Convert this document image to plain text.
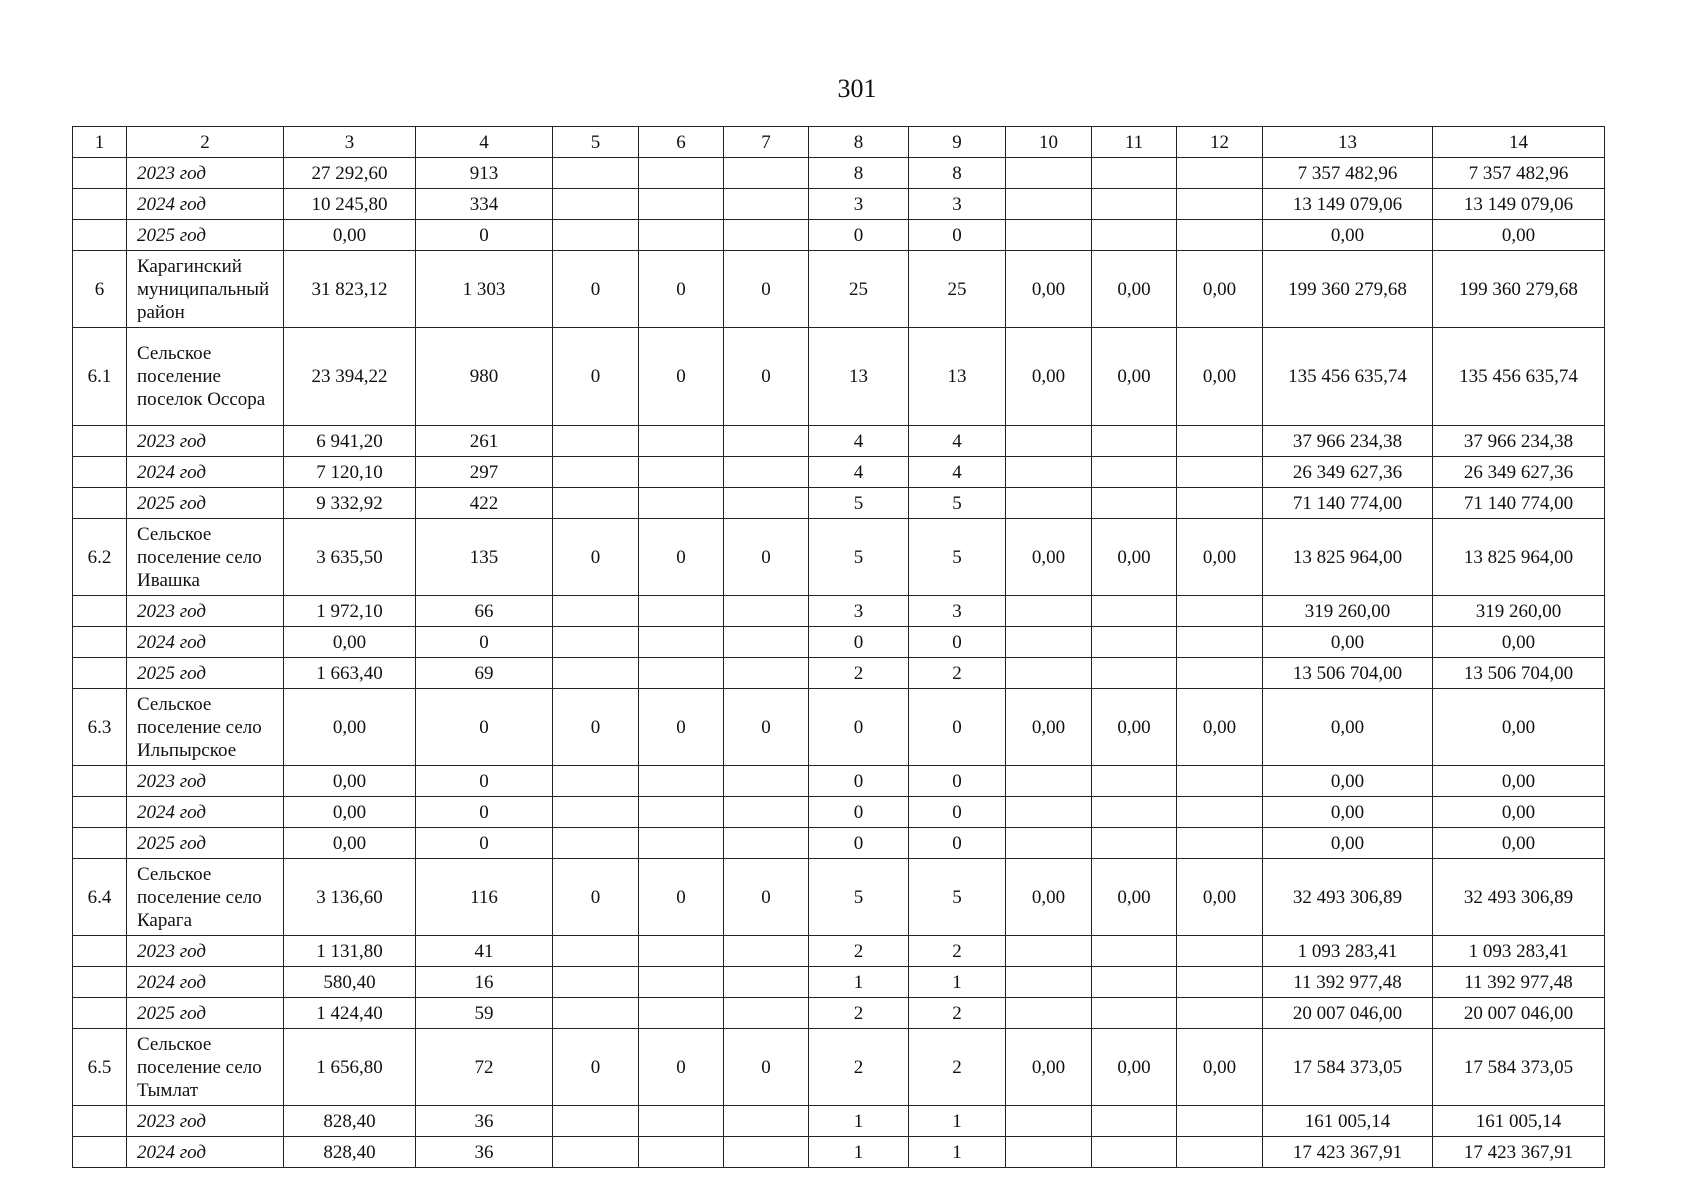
301
1	2	3	4	5	6	7	8	9	10	11	12	13	14
	2023 год	27 292,60	913				8	8				7 357 482,96	7 357 482,96
	2024 год	10 245,80	334				3	3				13 149 079,06	13 149 079,06
	2025 год	0,00	0				0	0				0,00	0,00
6	Карагинский муниципальный район	31 823,12	1 303	0	0	0	25	25	0,00	0,00	0,00	199 360 279,68	199 360 279,68
6.1	Сельское поселение поселок Оссора	23 394,22	980	0	0	0	13	13	0,00	0,00	0,00	135 456 635,74	135 456 635,74
	2023 год	6 941,20	261				4	4				37 966 234,38	37 966 234,38
	2024 год	7 120,10	297				4	4				26 349 627,36	26 349 627,36
	2025 год	9 332,92	422				5	5				71 140 774,00	71 140 774,00
6.2	Сельское поселение село Ивашка	3 635,50	135	0	0	0	5	5	0,00	0,00	0,00	13 825 964,00	13 825 964,00
	2023 год	1 972,10	66				3	3				319 260,00	319 260,00
	2024 год	0,00	0				0	0				0,00	0,00
	2025 год	1 663,40	69				2	2				13 506 704,00	13 506 704,00
6.3	Сельское поселение село Ильпырское	0,00	0	0	0	0	0	0	0,00	0,00	0,00	0,00	0,00
	2023 год	0,00	0				0	0				0,00	0,00
	2024 год	0,00	0				0	0				0,00	0,00
	2025 год	0,00	0				0	0				0,00	0,00
6.4	Сельское поселение село Карага	3 136,60	116	0	0	0	5	5	0,00	0,00	0,00	32 493 306,89	32 493 306,89
	2023 год	1 131,80	41				2	2				1 093 283,41	1 093 283,41
	2024 год	580,40	16				1	1				11 392 977,48	11 392 977,48
	2025 год	1 424,40	59				2	2				20 007 046,00	20 007 046,00
6.5	Сельское поселение село Тымлат	1 656,80	72	0	0	0	2	2	0,00	0,00	0,00	17 584 373,05	17 584 373,05
	2023 год	828,40	36				1	1				161 005,14	161 005,14
	2024 год	828,40	36				1	1				17 423 367,91	17 423 367,91
